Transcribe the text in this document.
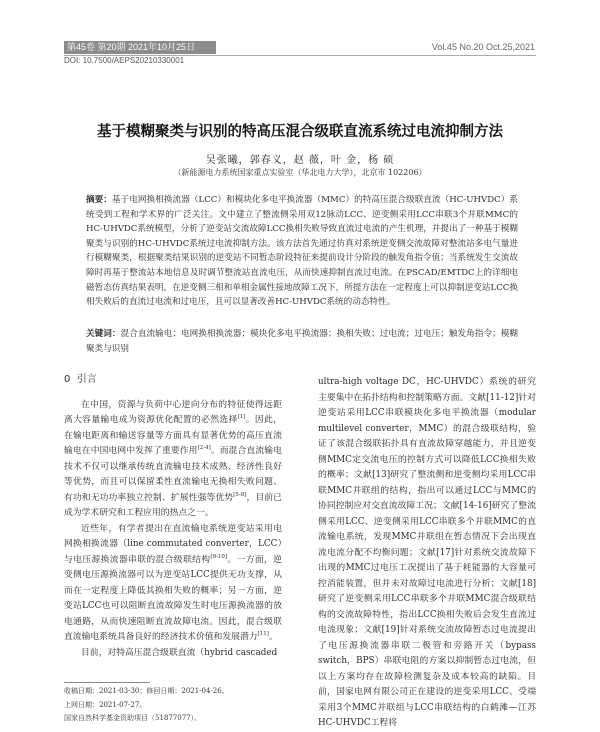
第45卷 第20期 2021年10月25日	Vol.45 No.20 Oct.25,2021
DOI: 10.7500/AEPS20210330001
基于模糊聚类与识别的特高压混合级联直流系统过电流抑制方法
吴张曦，郭春义，赵 薇，叶 金，杨 硕
（新能源电力系统国家重点实验室（华北电力大学），北京市 102206）
摘要：基于电网换相换流器（LCC）和模块化多电平换流器（MMC）的特高压混合级联直流（HC-UHVDC）系统受到工程和学术界的广泛关注。文中建立了整流侧采用双12脉动LCC、逆变侧采用LCC串联3个并联MMC的HC-UHVDC系统模型，分析了逆变站交流故障LCC换相失败导致直流过电流的产生机理，并提出了一种基于模糊聚类与识别的HC-UHVDC系统过电流抑制方法。该方法首先通过仿真对系统逆变侧交流故障对整流站多电气量进行模糊聚类，根据聚类结果识别的逆变站不同暂态阶段特征来提前设计分阶段的触发角指令值；当系统发生交流故障时再基于整流站本地信息及时调节整流站直流电压，从而快速抑制直流过电流。在PSCAD/EMTDC上的详细电磁暂态仿真结果表明，在逆变侧三相和单相金属性接地故障工况下，所提方法在一定程度上可以抑制逆变站LCC换相失败后的直流过电流和过电压，且可以显著改善HC-UHVDC系统的动态特性。
关键词：混合直流输电；电网换相换流器；模块化多电平换流器；换相失败；过电流；过电压；触发角指令；模糊聚类与识别

0 引言

在中国，资源与负荷中心逆向分布的特征使得远距离大容量输电成为资源优化配置的必然选择[1]。因此，在输电距离和输送容量等方面具有显著优势的高压直流输电在中国电网中发挥了重要作用[2-4]。而混合直流输电技术不仅可以继承传统直流输电技术成熟、经济性良好等优势，而且可以保留柔性直流输电无换相失败问题、有功和无功功率独立控制、扩展性强等优势[5-8]，目前已成为学术研究和工程应用的热点之一。

近些年，有学者提出在直流输电系统逆变站采用电网换相换流器（line commutated converter，LCC）与电压源换流器串联的混合级联结构[9-10]。一方面，逆变侧电压源换流器可以为逆变站LCC提供无功支撑，从而在一定程度上降低其换相失败的概率；另一方面，逆变站LCC也可以阻断直流故障发生时电压源换流器的放电通路，从而快速阻断直流故障电流。因此，混合级联直流输电系统具备良好的经济技术价值和发展潜力[11]。

目前，对特高压混合级联直流（hybrid cascaded

ultra-high voltage DC，HC-UHVDC）系统的研究主要集中在拓扑结构和控制策略方面。文献[11-12]针对逆变站采用LCC串联模块化多电平换流器（modular multilevel converter，MMC）的混合级联结构，验证了该混合级联拓扑具有直流故障穿越能力，并且逆变侧MMC定交流电压的控制方式可以降低LCC换相失败的概率；文献[13]研究了整流侧和逆变侧均采用LCC串联MMC并联组的结构，指出可以通过LCC与MMC的协同控制应对交直流故障工况；文献[14-16]研究了整流侧采用LCC、逆变侧采用LCC串联多个并联MMC的直流输电系统，发现MMC并联组在暂态情况下会出现直流电流分配不均衡问题；文献[17]针对系统交流故障下出现的MMC过电压工况提出了基于耗能器的大容量可控消能装置，但并未对故障过电流进行分析；文献[18]研究了逆变侧采用LCC串联多个并联MMC混合级联结构的交流故障特性，指出LCC换相失败后会发生直流过电流现象；文献[19]针对系统交流故障暂态过电流提出了电压源换流器串联二极管和旁路开关（bypass switch，BPS）串联电阻的方案以抑制暂态过电流，但以上方案均存在故障检测复杂及成本较高的缺陷。目前，国家电网有限公司正在建设的逆变采用LCC、受端采用3个MMC并联组与LCC串联结构的白鹤滩—江苏HC-UHVDC工程将

收稿日期：2021-03-30；修回日期：2021-04-26。
上网日期：2021-07-27。
国家自然科学基金资助项目（51877077）。
